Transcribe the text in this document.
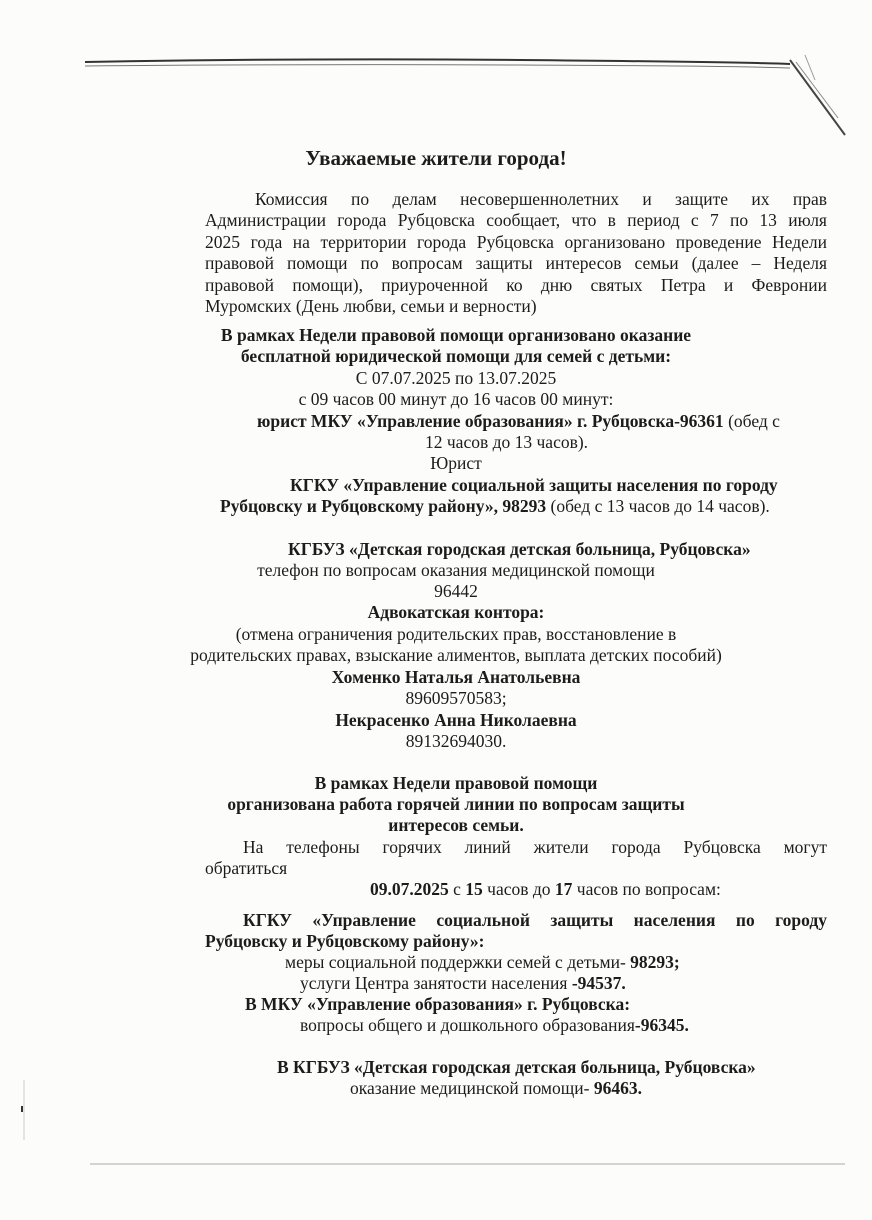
Уважаемые жители города!
Комиссия по делам несовершеннолетних и защите их прав
Администрации города Рубцовска сообщает, что в период с 7 по 13 июля
2025 года на территории города Рубцовска организовано проведение Недели
правовой помощи по вопросам защиты интересов семьи (далее – Неделя
правовой помощи), приуроченной ко дню святых Петра и Февронии
Муромских (День любви, семьи и верности)
В рамках Недели правовой помощи организовано оказание
бесплатной юридической помощи для семей с детьми:
С 07.07.2025 по 13.07.2025
с 09 часов 00 минут до 16 часов 00 минут:
юрист МКУ «Управление образования» г. Рубцовска-96361 (обед с
12 часов до 13 часов).
Юрист
КГКУ «Управление социальной защиты населения по городу
Рубцовску и Рубцовскому району», 98293 (обед с 13 часов до 14 часов).
КГБУЗ «Детская городская детская больница, Рубцовска»
телефон по вопросам оказания медицинской помощи
96442
Адвокатская контора:
(отмена ограничения родительских прав, восстановление в
родительских правах, взыскание алиментов, выплата детских пособий)
Хоменко Наталья Анатольевна
89609570583;
Некрасенко Анна Николаевна
89132694030.
В рамках Недели правовой помощи
организована работа горячей линии по вопросам защиты
интересов семьи.
На телефоны горячих линий жители города Рубцовска могут
обратиться
09.07.2025 с 15 часов до 17 часов по вопросам:
КГКУ «Управление социальной защиты населения по городу
Рубцовску и Рубцовскому району»:
меры социальной поддержки семей с детьми- 98293;
услуги Центра занятости населения -94537.
В МКУ «Управление образования» г. Рубцовска:
вопросы общего и дошкольного образования-96345.
В КГБУЗ «Детская городская детская больница, Рубцовска»
оказание медицинской помощи- 96463.
